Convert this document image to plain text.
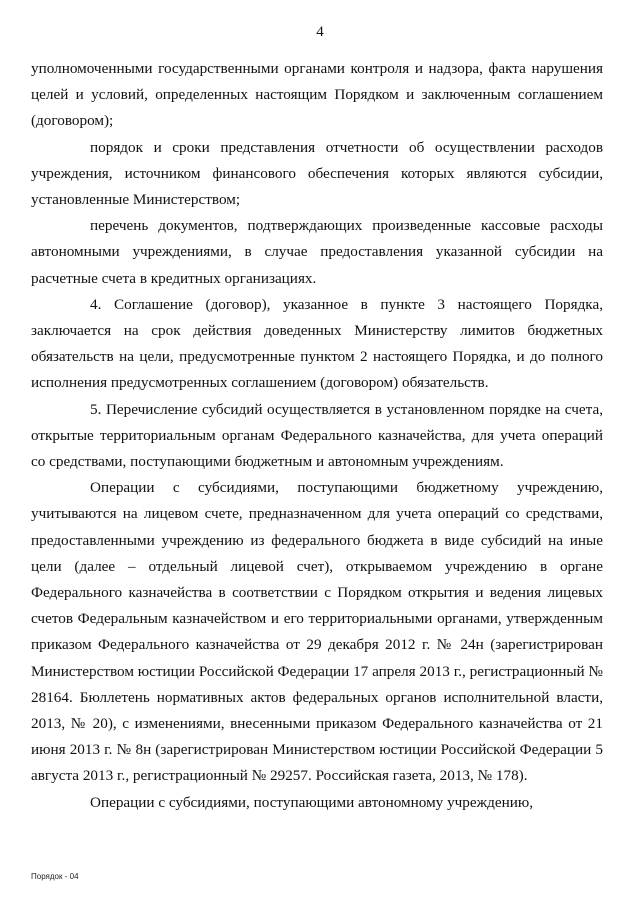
4

уполномоченными государственными органами контроля и надзора, факта нарушения целей и условий, определенных настоящим Порядком и заключенным соглашением (договором);

порядок и сроки представления отчетности об осуществлении расходов учреждения, источником финансового обеспечения которых являются субсидии, установленные Министерством;

перечень документов, подтверждающих произведенные кассовые расходы автономными учреждениями, в случае предоставления указанной субсидии на расчетные счета в кредитных организациях.

4. Соглашение (договор), указанное в пункте 3 настоящего Порядка, заключается на срок действия доведенных Министерству лимитов бюджетных обязательств на цели, предусмотренные пунктом 2 настоящего Порядка, и до полного исполнения предусмотренных соглашением (договором) обязательств.

5. Перечисление субсидий осуществляется в установленном порядке на счета, открытые территориальным органам Федерального казначейства, для учета операций со средствами, поступающими бюджетным и автономным учреждениям.

Операции с субсидиями, поступающими бюджетному учреждению, учитываются на лицевом счете, предназначенном для учета операций со средствами, предоставленными учреждению из федерального бюджета в виде субсидий на иные цели (далее – отдельный лицевой счет), открываемом учреждению в органе Федерального казначейства в соответствии с Порядком открытия и ведения лицевых счетов Федеральным казначейством и его территориальными органами, утвержденным приказом Федерального казначейства от 29 декабря 2012 г. № 24н (зарегистрирован Министерством юстиции Российской Федерации 17 апреля 2013 г., регистрационный № 28164. Бюллетень нормативных актов федеральных органов исполнительной власти, 2013, № 20), с изменениями, внесенными приказом Федерального казначейства от 21 июня 2013 г. № 8н (зарегистрирован Министерством юстиции Российской Федерации 5 августа 2013 г., регистрационный № 29257. Российская газета, 2013, № 178).

Операции с субсидиями, поступающими автономному учреждению,

Порядок - 04
